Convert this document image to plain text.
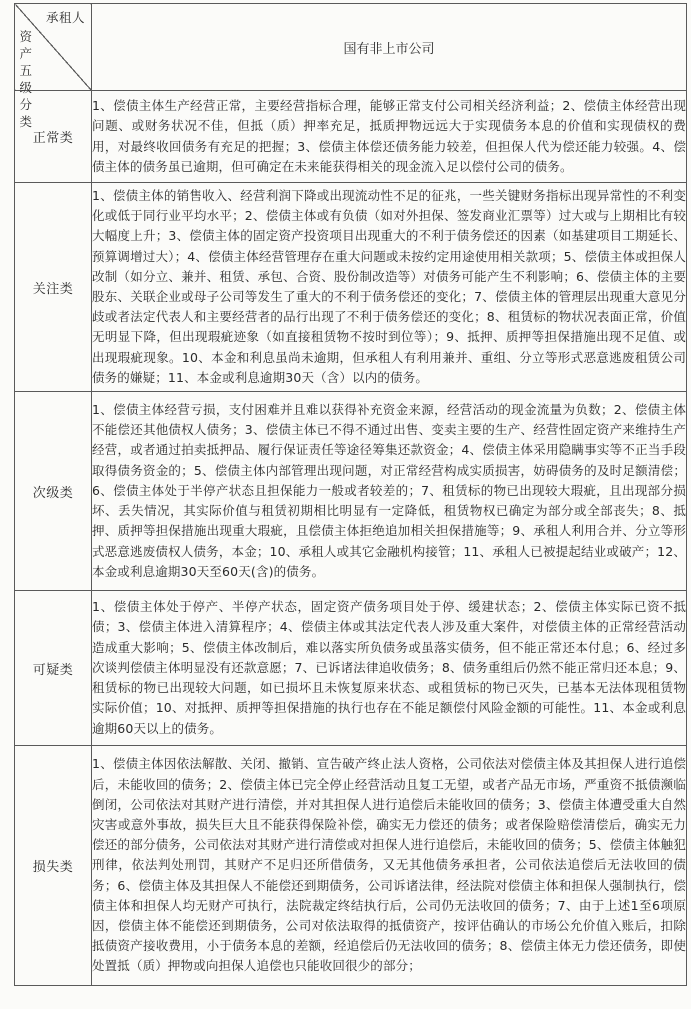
承租人
资产五级分类	国有非上市公司
正常类	1、偿债主体生产经营正常，主要经营指标合理，能够正常支付公司相关经济利益；2、偿债主体经营出现问题、或财务状况不佳，但抵（质）押率充足，抵质押物远远大于实现债务本息的价值和实现债权的费用，对最终收回债务有充足的把握；3、偿债主体偿还债务能力较差，但担保人代为偿还能力较强。4、偿债主体的债务虽已逾期，但可确定在未来能获得相关的现金流入足以偿付公司的债务。
关注类	1、偿债主体的销售收入、经营利润下降或出现流动性不足的征兆，一些关键财务指标出现异常性的不利变化或低于同行业平均水平；2、偿债主体或有负债（如对外担保、签发商业汇票等）过大或与上期相比有较大幅度上升；3、偿债主体的固定资产投资项目出现重大的不利于债务偿还的因素（如基建项目工期延长、预算调增过大）；4、偿债主体经营管理存在重大问题或未按约定用途使用相关款项；5、偿债主体或担保人改制（如分立、兼并、租赁、承包、合资、股份制改造等）对债务可能产生不利影响；6、偿债主体的主要股东、关联企业或母子公司等发生了重大的不利于债务偿还的变化；7、偿债主体的管理层出现重大意见分歧或者法定代表人和主要经营者的品行出现了不利于债务偿还的变化；8、租赁标的物状况表面正常，价值无明显下降，但出现瑕疵迹象（如直接租赁物不按时到位等）；9、抵押、质押等担保措施出现不足值、或出现瑕疵现象。10、本金和利息虽尚未逾期，但承租人有利用兼并、重组、分立等形式恶意逃废租赁公司债务的嫌疑；11、本金或利息逾期30天（含）以内的债务。
次级类	1、偿债主体经营亏损，支付困难并且难以获得补充资金来源，经营活动的现金流量为负数；2、偿债主体不能偿还其他债权人债务；3、偿债主体已不得不通过出售、变卖主要的生产、经营性固定资产来维持生产经营，或者通过拍卖抵押品、履行保证责任等途径筹集还款资金；4、偿债主体采用隐瞒事实等不正当手段取得债务资金的；5、偿债主体内部管理出现问题，对正常经营构成实质损害，妨碍债务的及时足额清偿；6、偿债主体处于半停产状态且担保能力一般或者较差的；7、租赁标的物已出现较大瑕疵，且出现部分损坏、丢失情况，其实际价值与租赁初期相比明显有一定降低，租赁物权已确定为部分或全部丧失；8、抵押、质押等担保措施出现重大瑕疵，且偿债主体拒绝追加相关担保措施等；9、承租人利用合并、分立等形式恶意逃废债权人债务，本金；10、承租人或其它金融机构接管；11、承租人已被提起结业或破产；12、本金或利息逾期30天至60天(含)的债务。
可疑类	1、偿债主体处于停产、半停产状态，固定资产债务项目处于停、缓建状态；2、偿债主体实际已资不抵债；3、偿债主体进入清算程序；4、偿债主体或其法定代表人涉及重大案件，对偿债主体的正常经营活动造成重大影响；5、偿债主体改制后，难以落实所负债务或虽落实债务，但不能正常还本付息；6、经过多次谈判偿债主体明显没有还款意愿；7、已诉诸法律追收债务；8、债务重组后仍然不能正常归还本息；9、租赁标的物已出现较大问题，如已损坏且未恢复原来状态、或租赁标的物已灭失，已基本无法体现租赁物实际价值；10、对抵押、质押等担保措施的执行也存在不能足额偿付风险金额的可能性。11、本金或利息逾期60天以上的债务。
损失类	1、偿债主体因依法解散、关闭、撤销、宣告破产终止法人资格，公司依法对偿债主体及其担保人进行追偿后，未能收回的债务；2、偿债主体已完全停止经营活动且复工无望，或者产品无市场，严重资不抵债濒临倒闭，公司依法对其财产进行清偿，并对其担保人进行追偿后未能收回的债务；3、偿债主体遭受重大自然灾害或意外事故，损失巨大且不能获得保险补偿，确实无力偿还的债务；或者保险赔偿清偿后，确实无力偿还的部分债务，公司依法对其财产进行清偿或对担保人进行追偿后，未能收回的债务；5、偿债主体触犯刑律，依法判处刑罚，其财产不足归还所借债务，又无其他债务承担者，公司依法追偿后无法收回的债务；6、偿债主体及其担保人不能偿还到期债务，公司诉诸法律，经法院对偿债主体和担保人强制执行，偿债主体和担保人均无财产可执行，法院裁定终结执行后，公司仍无法收回的债务；7、由于上述1至6项原因，偿债主体不能偿还到期债务，公司对依法取得的抵债资产，按评估确认的市场公允价值入账后，扣除抵债资产接收费用，小于债务本息的差额，经追偿后仍无法收回的债务；8、偿债主体无力偿还债务，即使处置抵（质）押物或向担保人追偿也只能收回很少的部分；
